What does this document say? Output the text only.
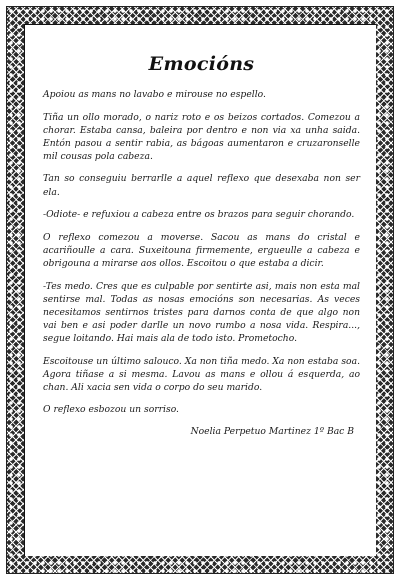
Emocións

Apoiou as mans no lavabo e mirouse no espello.

Tiña un ollo morado, o nariz roto e os beizos cortados. Comezou a chorar. Estaba cansa, baleira por dentro e non via xa unha saida. Entón pasou a sentir rabia, as bágoas aumentaron e cruzaronselle mil cousas pola cabeza.

Tan so conseguiu berrarlle a aquel reflexo que desexaba non ser ela.

-Odiote- e refuxiou a cabeza entre os brazos para seguir chorando.

O reflexo comezou a moverse. Sacou as mans do cristal e acariñoulle a cara. Suxeitouna firmemente, ergueulle a cabeza e obrigouna a mirarse aos ollos. Escoitou o que estaba a dicir.

-Tes medo. Cres que es culpable por sentirte asi, mais non esta mal sentirse mal. Todas as nosas emocións son necesarias. As veces necesitamos sentirnos tristes para darnos conta de que algo non vai ben e asi poder darlle un novo rumbo a nosa vida. Respira..., segue loitando. Hai mais ala de todo isto. Prometocho.

Escoitouse un último salouco. Xa non tiña medo. Xa non estaba soa. Agora tiñase a si mesma. Lavou as mans e ollou á esquerda, ao chan. Ali xacia sen vida o corpo do seu marido.

O reflexo esbozou un sorriso.

Noelia Perpetuo Martinez 1º Bac B
